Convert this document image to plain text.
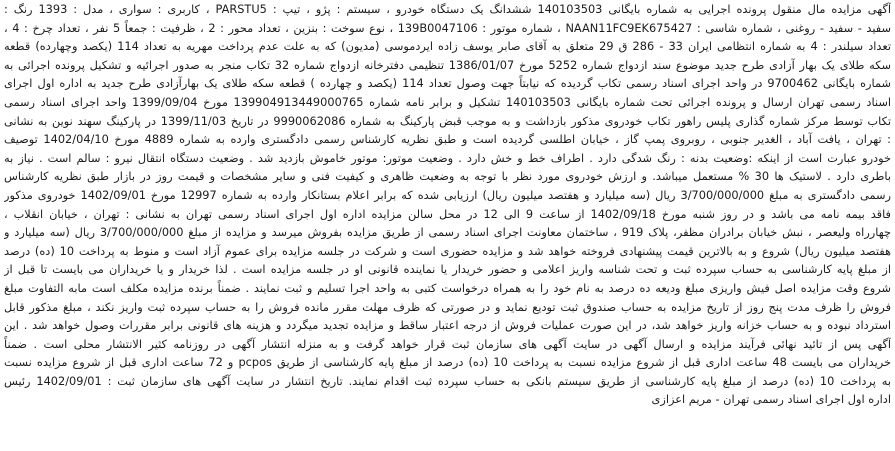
آگهی مزایده مال منقول پرونده اجرایی به شماره بایگانی 140103503 ششدانگ یک دستگاه خودرو ، سیستم : پژو ، تیپ : PARSTU5 ، کاربری : سواری ، مدل : 1393 رنگ :
سفید - سفید - روغنی ، شماره شاسی : NAAN11FC9EK675427 ، شماره موتور : 139B0047106 ، نوع سوخت : بنزین ، تعداد محور : 2 ، ظرفیت : جمعاً 5 نفر ، تعداد چرخ : 4 ،
تعداد سیلندر : 4 به شماره انتظامی ایران 33 - 286 ق 29 متعلق به آقای صابر یوسف زاده ایردموسی (مدیون) که به علت عدم پرداخت مهریه به تعداد 114 (یکصد وچهارده) قطعه
سکه طلای یک بهار آزادی طرح جدید موضوع سند ازدواج شماره 5252 مورخ 1386/01/07 تنظیمی دفترخانه ازدواج شماره 32 تکاب منجر به صدور اجرائیه و تشکیل پرونده اجرائی به
شماره بایگانی 9700462 در واحد اجرای اسناد رسمی تکاب گردیده که نیابتاً جهت وصول تعداد 114 (یکصد و چهارده ) قطعه سکه طلای یک بهارآزادی طرح جدید به اداره اول اجرای
اسناد رسمی تهران ارسال و پرونده اجرائی تحت شماره بایگانی 140103503 تشکیل و برابر نامه شماره 139904913449000765 مورخ 1399/09/04 واحد اجرای اسناد رسمی
تکاب توسط مرکز شماره گذاری پلیس راهور تکاب خودروی مذکور بازداشت و به موجب قبض پارکینگ به شماره 9990062086 در تاریخ 1399/11/03 در پارکینگ سهند نوین به نشانی
: تهران ، یافت آباد ، الغدیر جنوبی ، روبروی پمپ گاز ، خیابان اطلسی گردیده است و طبق نظریه کارشناس رسمی دادگستری وارده به شماره 4889 مورخ 1402/04/10 توصیف
خودرو عبارت است از اینکه :وضعیت بدنه : رنگ شدگی دارد . اطراف خط و خش دارد . وضعیت موتور: موتور خاموش بازدید شد . وضعیت دستگاه انتقال نیرو : سالم است . نیاز به
باطری دارد . لاستیک ها 30 % مستعمل میباشد. و ارزش خودروی مورد نظر با توجه به وضعیت ظاهری و کیفیت فنی و سایر مشخصات و قیمت روز در بازار طبق نظریه کارشناس
رسمی دادگستری به مبلغ 3/700/000/000 ریال (سه میلیارد و هفتصد میلیون ریال) ارزیابی شده که برابر اعلام بستانکار وارده به شماره 12997 مورخ 1402/09/01 خودروی مذکور
فاقد بیمه نامه می باشد و در روز شنبه مورخ 1402/09/18 از ساعت 9 الی 12 در محل سالن مزایده اداره اول اجرای اسناد رسمی تهران به نشانی : تهران ، خیابان انقلاب ،
چهارراه ولیعصر ، نبش خیابان برادران مظفر، پلاک 919 ، ساختمان معاونت اجرای اسناد رسمی از طریق مزایده بفروش میرسد و مزایده از مبلغ 3/700/000/000 ریال (سه میلیارد و
هفتصد میلیون ریال) شروع و به بالاترین قیمت پیشنهادی فروخته خواهد شد و مزایده حضوری است و شرکت در جلسه مزایده برای عموم آزاد است و منوط به پرداخت 10 (ده) درصد
از مبلغ پایه کارشناسی به حساب سپرده ثبت و تحت شناسه واریز اعلامی و حضور خریدار یا نماینده قانونی او در جلسه مزایده است . لذا خریدار و یا خریداران می بایست تا قبل از
شروع وقت مزایده اصل فیش واریزی مبلغ ودیعه ده درصد به نام خود را به همراه درخواست کتبی به واحد اجرا تسلیم و ثبت نمایند . ضمناً برنده مزایده مکلف است مابه التفاوت مبلغ
فروش را ظرف مدت پنج روز از تاریخ مزایده به حساب صندوق ثبت تودیع نماید و در صورتی که ظرف مهلت مقرر مانده فروش را به حساب سپرده ثبت واریز نکند ، مبلغ مذکور قابل
استرداد نبوده و به حساب خزانه واریز خواهد شد، در این صورت عملیات فروش از درجه اعتبار ساقط و مزایده تجدید میگردد و هزینه های قانونی برابر مقررات وصول خواهد شد . این
آگهی پس از تائید نهائی فرآیند مزایده و ارسال آگهی در سایت آگهی های سازمان ثبت قرار خواهد گرفت و به منزله انتشار آگهی در روزنامه کثیر الانتشار محلی است . ضمناً
خریداران می بایست 48 ساعت اداری قبل از شروع مزایده نسبت به پرداخت 10 (ده) درصد از مبلغ پایه کارشناسی از طریق pcpos و 72 ساعت اداری قبل از شروع مزایده نسبت
به پرداخت 10 (ده) درصد از مبلغ پایه کارشناسی از طریق سیستم بانکی به حساب سپرده ثبت اقدام نمایند. تاریخ انتشار در سایت آگهی های سازمان ثبت : 1402/09/01 رئیس
اداره اول اجرای اسناد رسمی تهران - مریم اعزازی
